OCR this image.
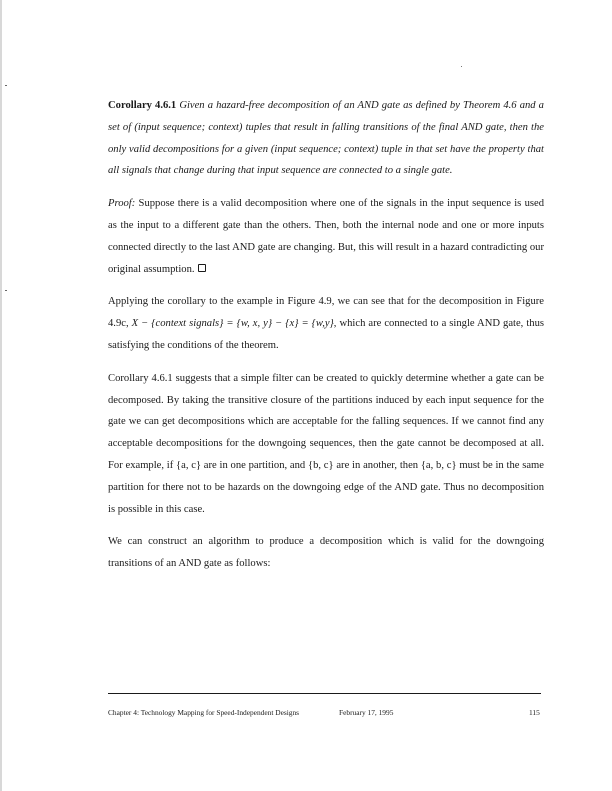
Corollary 4.6.1 Given a hazard-free decomposition of an AND gate as defined by Theorem 4.6 and a set of (input sequence; context) tuples that result in falling transitions of the final AND gate, then the only valid decompositions for a given (input sequence; context) tuple in that set have the property that all signals that change during that input sequence are connected to a single gate.

Proof: Suppose there is a valid decomposition where one of the signals in the input sequence is used as the input to a different gate than the others. Then, both the internal node and one or more inputs connected directly to the last AND gate are changing. But, this will result in a hazard contradicting our original assumption.

Applying the corollary to the example in Figure 4.9, we can see that for the decomposition in Figure 4.9c, X − {context signals} = {w, x, y} − {x} = {w,y}, which are connected to a single AND gate, thus satisfying the conditions of the theorem.

Corollary 4.6.1 suggests that a simple filter can be created to quickly determine whether a gate can be decomposed. By taking the transitive closure of the partitions induced by each input sequence for the gate we can get decompositions which are acceptable for the falling sequences. If we cannot find any acceptable decompositions for the downgoing sequences, then the gate cannot be decomposed at all. For example, if {a, c} are in one partition, and {b, c} are in another, then {a, b, c} must be in the same partition for there not to be hazards on the downgoing edge of the AND gate. Thus no decomposition is possible in this case.

We can construct an algorithm to produce a decomposition which is valid for the downgoing transitions of an AND gate as follows:

Chapter 4: Technology Mapping for Speed-Independent Designs	February 17, 1995	115
